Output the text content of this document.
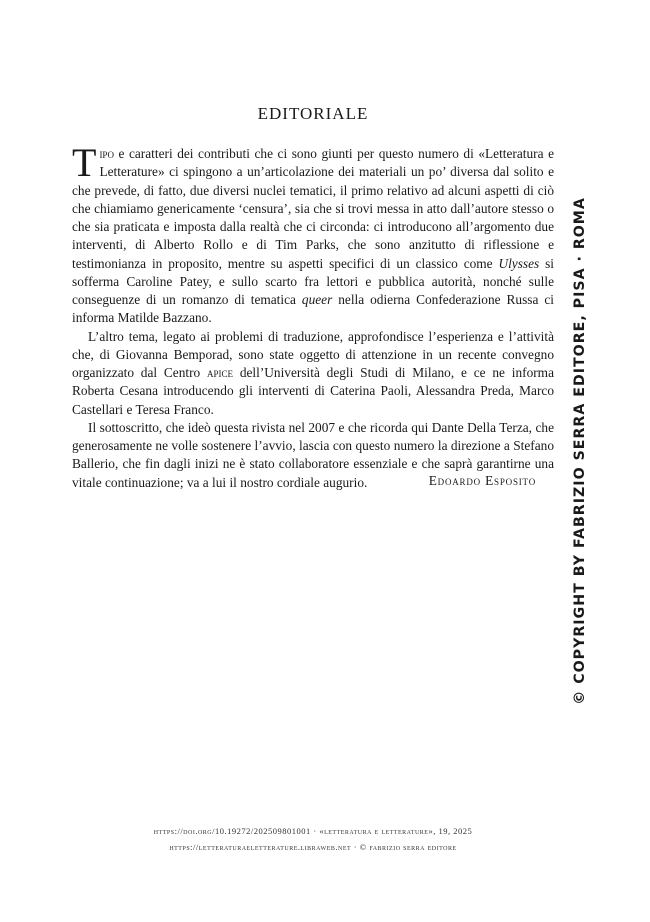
EDITORIALE

Tipo e caratteri dei contributi che ci sono giunti per questo numero di «Letteratura e Letterature» ci spingono a un’articolazione dei materiali un po’ diversa dal solito e che prevede, di fatto, due diversi nuclei tematici, il primo relativo ad alcuni aspetti di ciò che chiamiamo genericamente ‘censura’, sia che si trovi messa in atto dall’autore stesso o che sia praticata e imposta dalla realtà che ci circonda: ci introducono all’argomento due interventi, di Alberto Rollo e di Tim Parks, che sono anzitutto di riflessione e testimonianza in proposito, mentre su aspetti specifici di un classico come Ulysses si sofferma Caroline Patey, e sullo scarto fra lettori e pubblica autorità, nonché sulle conseguenze di un romanzo di tematica queer nella odierna Confederazione Russa ci informa Matilde Bazzano.

L’altro tema, legato ai problemi di traduzione, approfondisce l’esperienza e l’attività che, di Giovanna Bemporad, sono state oggetto di attenzione in un recente convegno organizzato dal Centro apice dell’Università degli Studi di Milano, e ce ne informa Roberta Cesana introducendo gli interventi di Caterina Paoli, Alessandra Preda, Marco Castellari e Teresa Franco.

Il sottoscritto, che ideò questa rivista nel 2007 e che ricorda qui Dante Della Terza, che generosamente ne volle sostenere l’avvio, lascia con questo numero la direzione a Stefano Ballerio, che fin dagli inizi ne è stato collaboratore essenziale e che saprà garantirne una vitale continuazione; va a lui il nostro cordiale augurio.	Edoardo Esposito	© COPYRIGHT BY FABRIZIO SERRA EDITORE, PISA · ROMA
https://doi.org/10.19272/202509801001 · «letteratura e letterature», 19, 2025
https://letteraturaeletterature.libraweb.net · © fabrizio serra editore
